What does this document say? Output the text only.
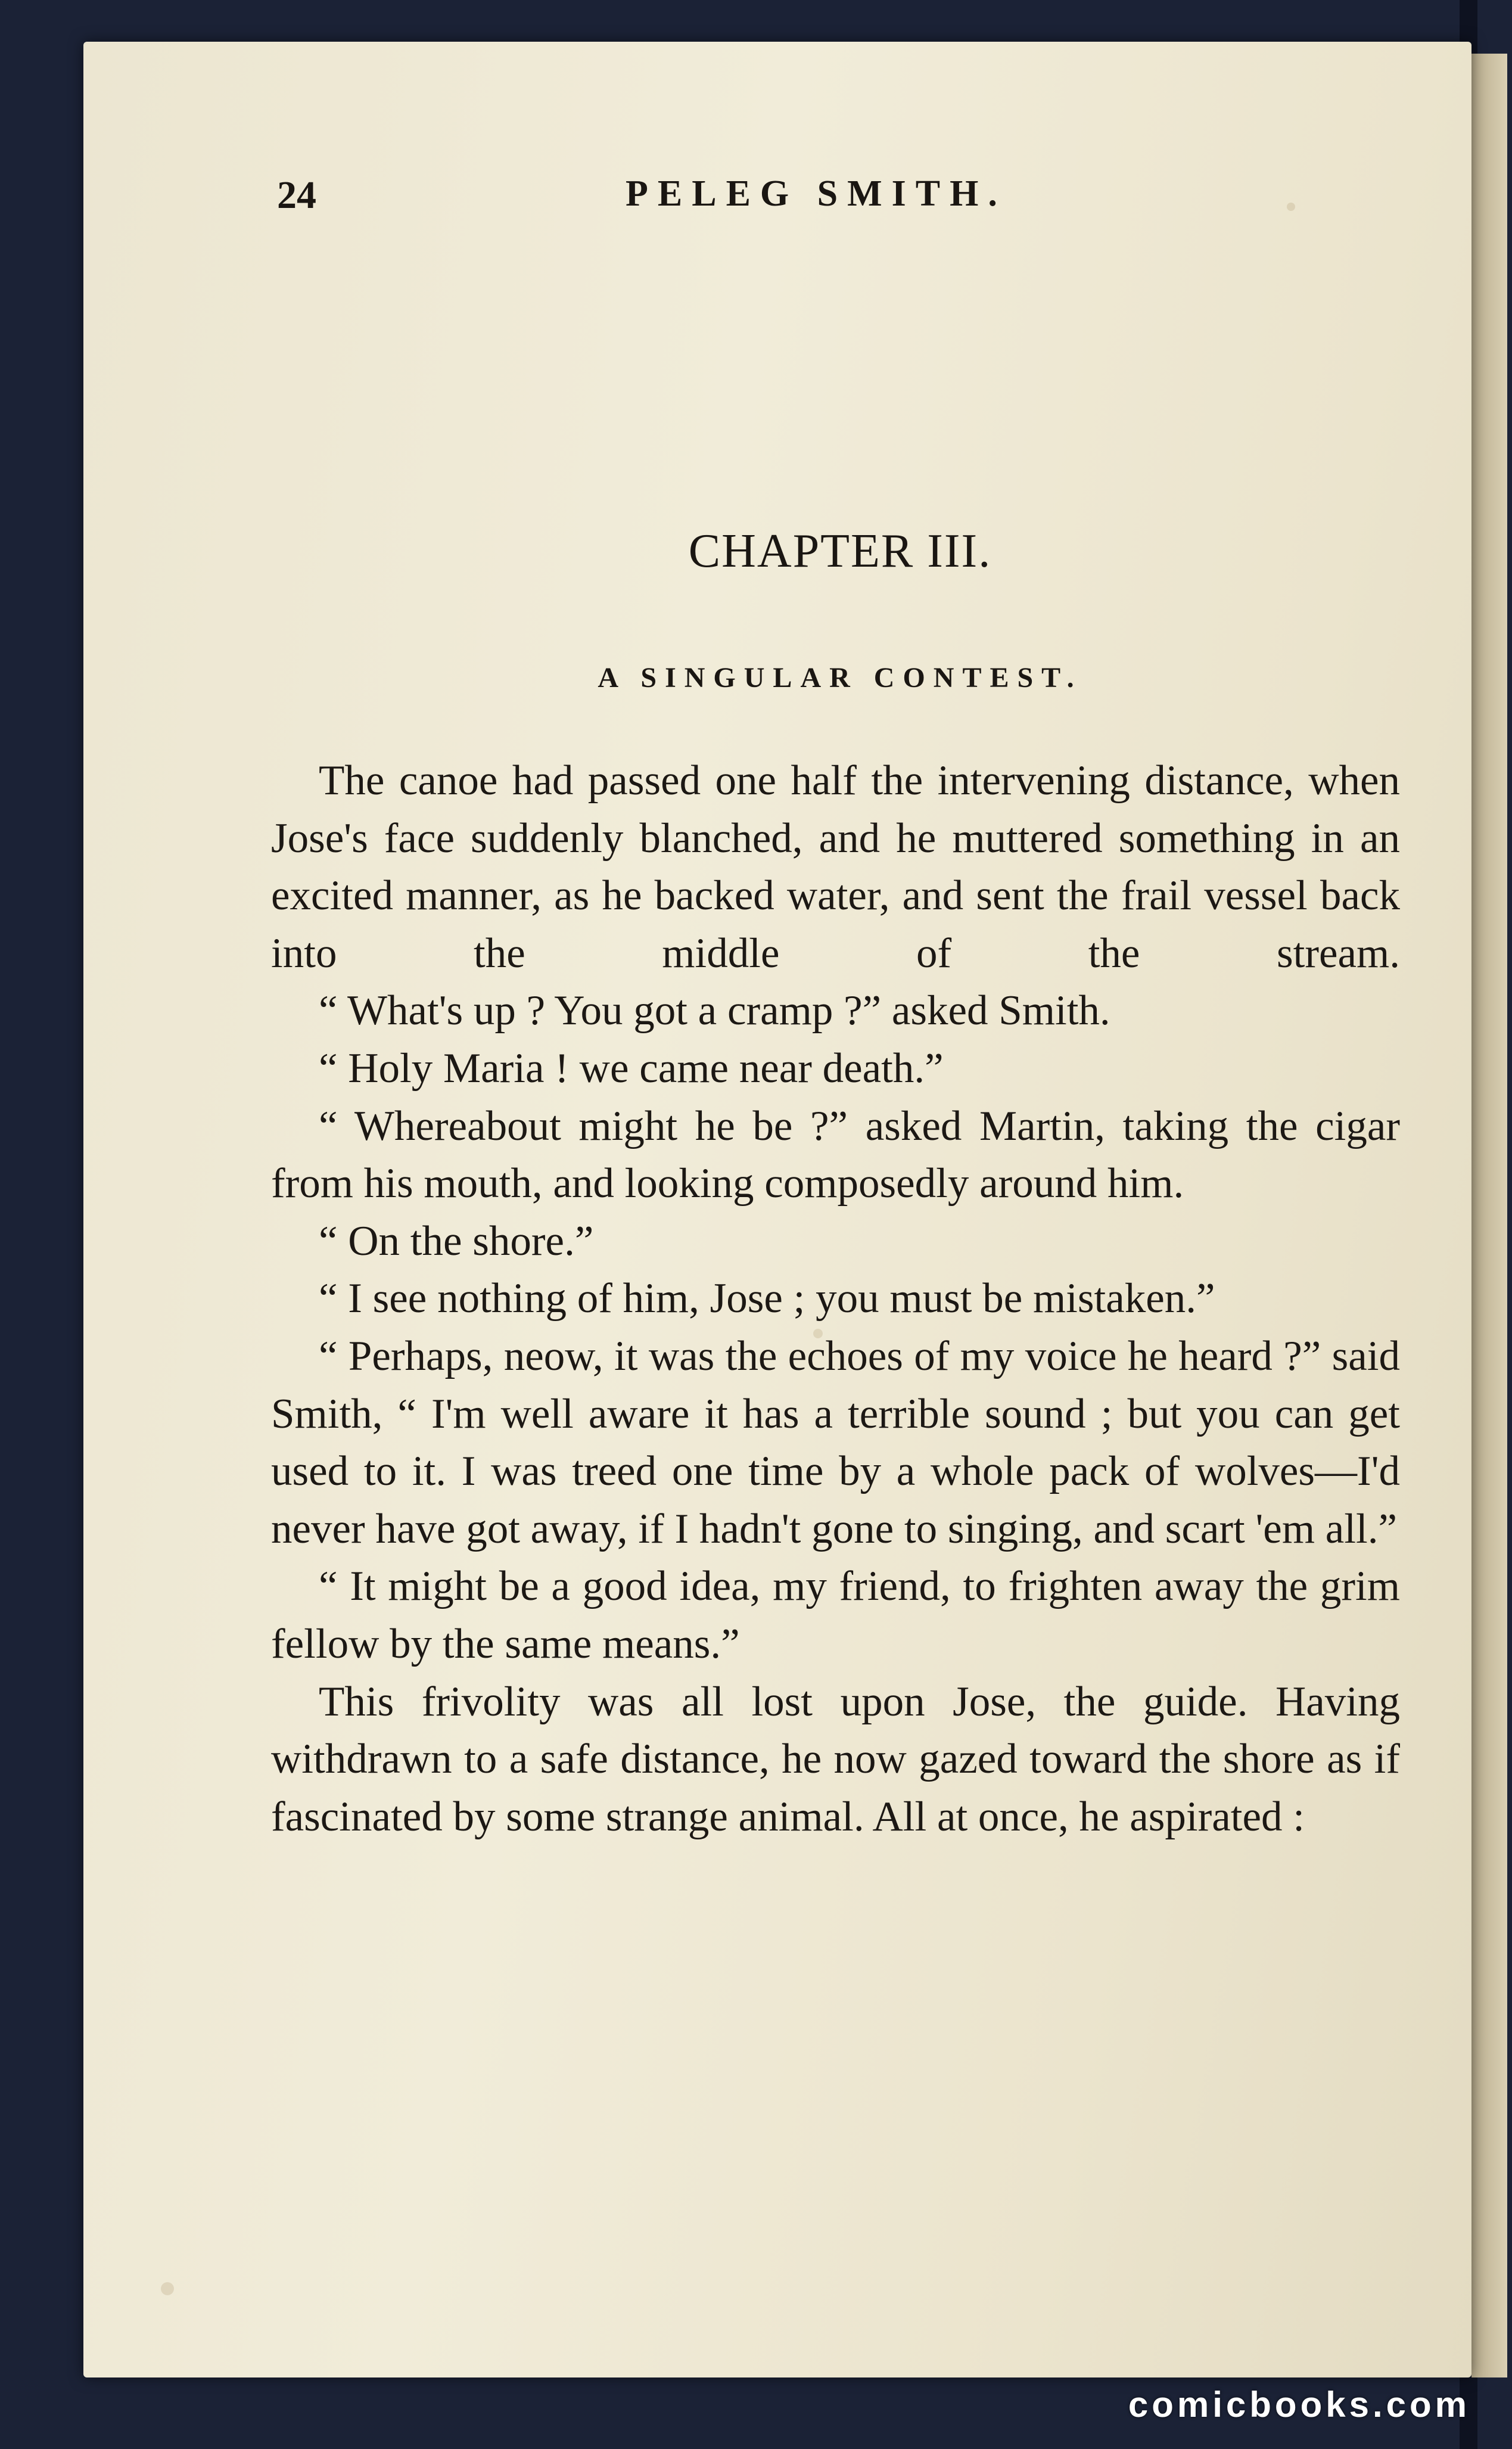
24	PELEG SMITH.
CHAPTER III.
A SINGULAR CONTEST.

The canoe had passed one half the intervening distance, when Jose's face suddenly blanched, and he muttered something in an excited manner, as he backed water, and sent the frail vessel back into the middle of the stream.

“ What's up ? You got a cramp ?” asked Smith.

“ Holy Maria ! we came near death.”

“ Whereabout might he be ?” asked Martin, taking the cigar from his mouth, and looking composedly around him.

“ On the shore.”

“ I see nothing of him, Jose ; you must be mistaken.”

“ Perhaps, neow, it was the echoes of my voice he heard ?” said Smith, “ I'm well aware it has a terrible sound ; but you can get used to it. I was treed one time by a whole pack of wolves—I'd never have got away, if I hadn't gone to singing, and scart 'em all.”

“ It might be a good idea, my friend, to frighten away the grim fellow by the same means.”

This frivolity was all lost upon Jose, the guide. Having withdrawn to a safe distance, he now gazed toward the shore as if fascinated by some strange animal. All at once, he aspirated :

comicbooks.com
